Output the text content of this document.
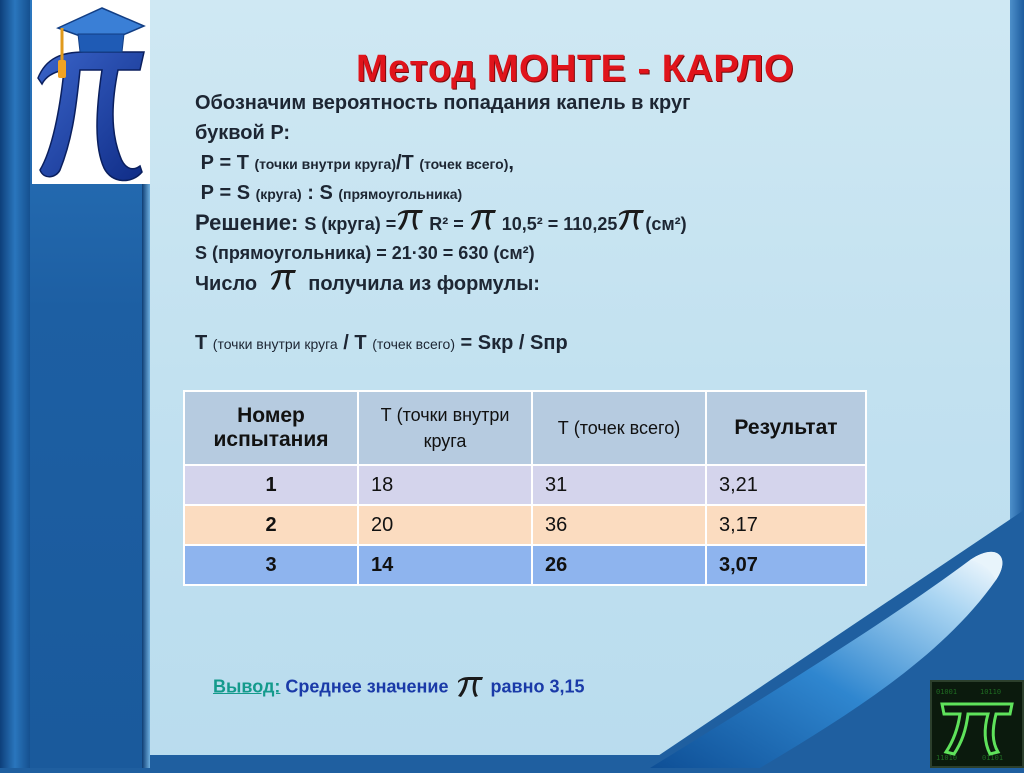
01001	10110
11010	01101
Метод МОНТЕ - КАРЛО
Обозначим вероятность попадания капель в круг
буквой Р:
Р = Т (точки внутри круга)/Т (точек всего),
Р = S (круга) : S (прямоугольника)
Решение: S (круга) = R² =  10,5² = 110,25 (см²)
S (прямоугольника) = 21·30 = 630 (см²)
Число  получила из формулы:
Т (точки внутри круга / Т (точек всего) = Sкр / Sпр
Номер испытания	Т (точки внутри круга	Т (точек всего)	Результат
1	18	31	3,21
2	20	36	3,17
3	14	26	3,07
Вывод: Среднее значение  равно 3,15
